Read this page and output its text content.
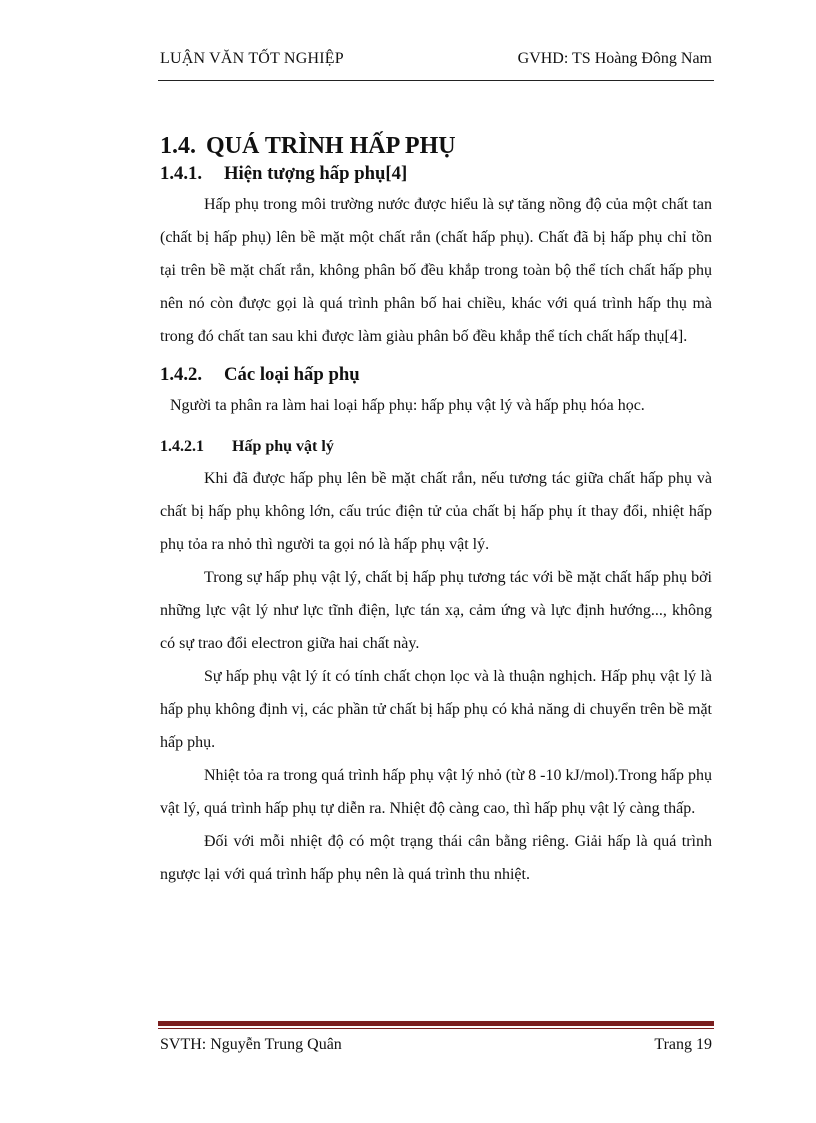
LUẬN VĂN TỐT NGHIỆP	GVHD: TS Hoàng Đông Nam
1.4. QUÁ TRÌNH HẤP PHỤ
1.4.1. Hiện tượng hấp phụ[4]

Hấp phụ trong môi trường nước được hiểu là sự tăng nồng độ của một chất tan (chất bị hấp phụ) lên bề mặt một chất rắn (chất hấp phụ). Chất đã bị hấp phụ chỉ tồn tại trên bề mặt chất rắn, không phân bố đều khắp trong toàn bộ thể tích chất hấp phụ nên nó còn được gọi là quá trình phân bố hai chiều, khác với quá trình hấp thụ mà trong đó chất tan sau khi được làm giàu phân bố đều khắp thể tích chất hấp thụ[4].

1.4.2. Các loại hấp phụ

Người ta phân ra làm hai loại hấp phụ: hấp phụ vật lý và hấp phụ hóa học.

1.4.2.1 Hấp phụ vật lý

Khi đã được hấp phụ lên bề mặt chất rắn, nếu tương tác giữa chất hấp phụ và chất bị hấp phụ không lớn, cấu trúc điện tử của chất bị hấp phụ ít thay đổi, nhiệt hấp phụ tỏa ra nhỏ thì người ta gọi nó là hấp phụ vật lý.

Trong sự hấp phụ vật lý, chất bị hấp phụ tương tác với bề mặt chất hấp phụ bởi những lực vật lý như lực tĩnh điện, lực tán xạ, cảm ứng và lực định hướng..., không có sự trao đổi electron giữa hai chất này.

Sự hấp phụ vật lý ít có tính chất chọn lọc và là thuận nghịch. Hấp phụ vật lý là hấp phụ không định vị, các phần tử chất bị hấp phụ có khả năng di chuyển trên bề mặt hấp phụ.

Nhiệt tỏa ra trong quá trình hấp phụ vật lý nhỏ (từ 8 -10 kJ/mol).Trong hấp phụ vật lý, quá trình hấp phụ tự diễn ra. Nhiệt độ càng cao, thì hấp phụ vật lý càng thấp.

Đối với mỗi nhiệt độ có một trạng thái cân bằng riêng. Giải hấp là quá trình ngược lại với quá trình hấp phụ nên là quá trình thu nhiệt.

SVTH: Nguyễn Trung Quân	Trang 19
